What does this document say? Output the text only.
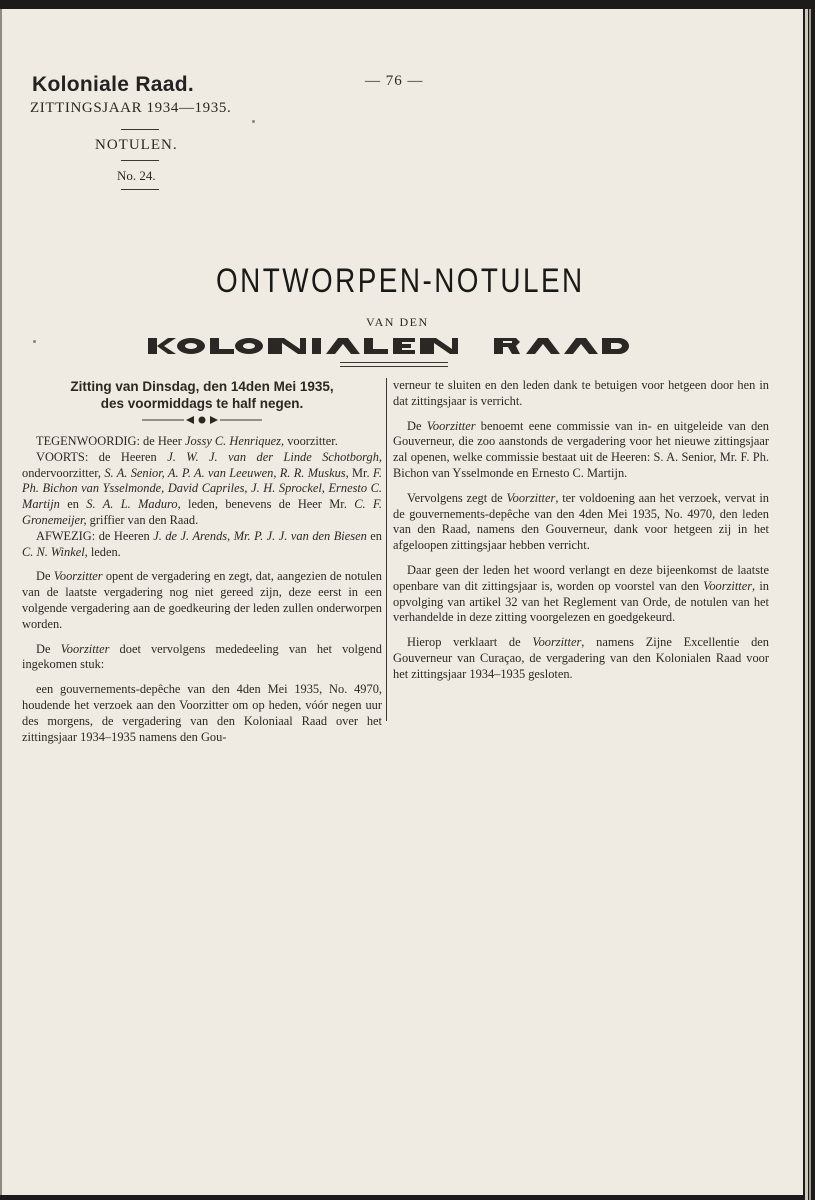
Koloniale Raad.
ZITTINGSJAAR 1934—1935.
— 76 —
NOTULEN.
No. 24.
ONTWORPEN-NOTULEN
VAN DEN
Zitting van Dinsdag, den 14den Mei 1935,
des voormiddags te half negen.

TEGENWOORDIG: de Heer Jossy C. Henriquez, voorzitter.

VOORTS: de Heeren J. W. J. van der Linde Schotborgh, ondervoorzitter, S. A. Senior, A. P. A. van Leeuwen, R. R. Muskus, Mr. F. Ph. Bichon van Ysselmonde, David Capriles, J. H. Sprockel, Ernesto C. Martijn en S. A. L. Maduro, leden, benevens de Heer Mr. C. F. Gronemeijer, griffier van den Raad.

AFWEZIG: de Heeren J. de J. Arends, Mr. P. J. J. van den Biesen en C. N. Winkel, leden.

De Voorzitter opent de vergadering en zegt, dat, aangezien de notulen van de laatste vergadering nog niet gereed zijn, deze eerst in een volgende vergadering aan de goedkeuring der leden zullen onderworpen worden.

De Voorzitter doet vervolgens mededeeling van het volgend ingekomen stuk:

een gouvernements-depêche van den 4den Mei 1935, No. 4970, houdende het verzoek aan den Voorzitter om op heden, vóór negen uur des morgens, de vergadering van den Koloniaal Raad over het zittingsjaar 1934–1935 namens den Gou-

verneur te sluiten en den leden dank te betuigen voor hetgeen door hen in dat zittingsjaar is verricht.

De Voorzitter benoemt eene commissie van in- en uitgeleide van den Gouverneur, die zoo aanstonds de vergadering voor het nieuwe zittingsjaar zal openen, welke commissie bestaat uit de Heeren: S. A. Senior, Mr. F. Ph. Bichon van Ysselmonde en Ernesto C. Martijn.

Vervolgens zegt de Voorzitter, ter voldoening aan het verzoek, vervat in de gouvernements-depêche van den 4den Mei 1935, No. 4970, den leden van den Raad, namens den Gouverneur, dank voor hetgeen zij in het afgeloopen zittingsjaar hebben verricht.

Daar geen der leden het woord verlangt en deze bijeenkomst de laatste openbare van dit zittingsjaar is, worden op voorstel van den Voorzitter, in opvolging van artikel 32 van het Reglement van Orde, de notulen van het verhandelde in deze zitting voorgelezen en goedgekeurd.

Hierop verklaart de Voorzitter, namens Zijne Excellentie den Gouverneur van Curaçao, de vergadering van den Kolonialen Raad voor het zittingsjaar 1934–1935 gesloten.
